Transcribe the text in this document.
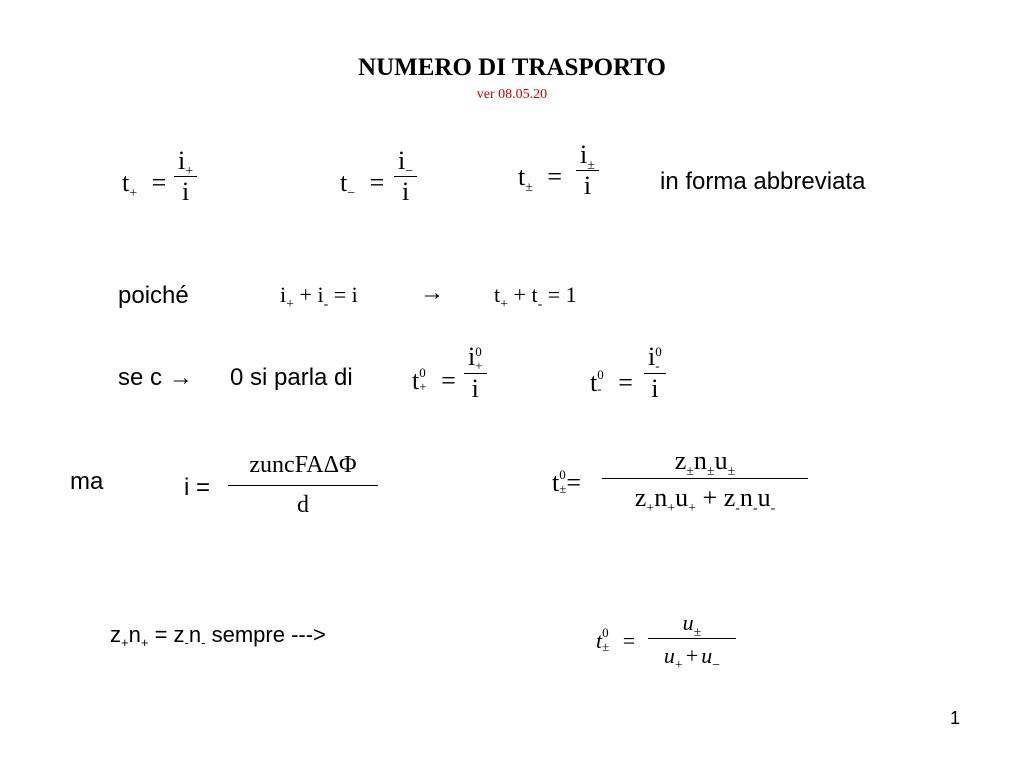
NUMERO DI TRASPORTO
ver 08.05.20
$t_+$ =
$i_+$
i	$t_-$ =
$i_-$
i
$t_\pm$ =
$i_\pm$
i	in forma abbreviata
poiché	$i_+ + i_- = i$	→ $t_+ + t_- = 1$
se c → 0 si parla di t 0
+ =
i 0
+
i	t 0
- =
i 0
-
i
ma	i =
zuncFAΔΦ
d
t 0
± =
$z_\pm n_\pm u_\pm$
$z_+n_+u_+ + z_-n_-u_-$
$z_+n_+ = z_-n_-$ sempre --->	t 0
± =
$u_\pm$
$u_+ + u_-$
1
